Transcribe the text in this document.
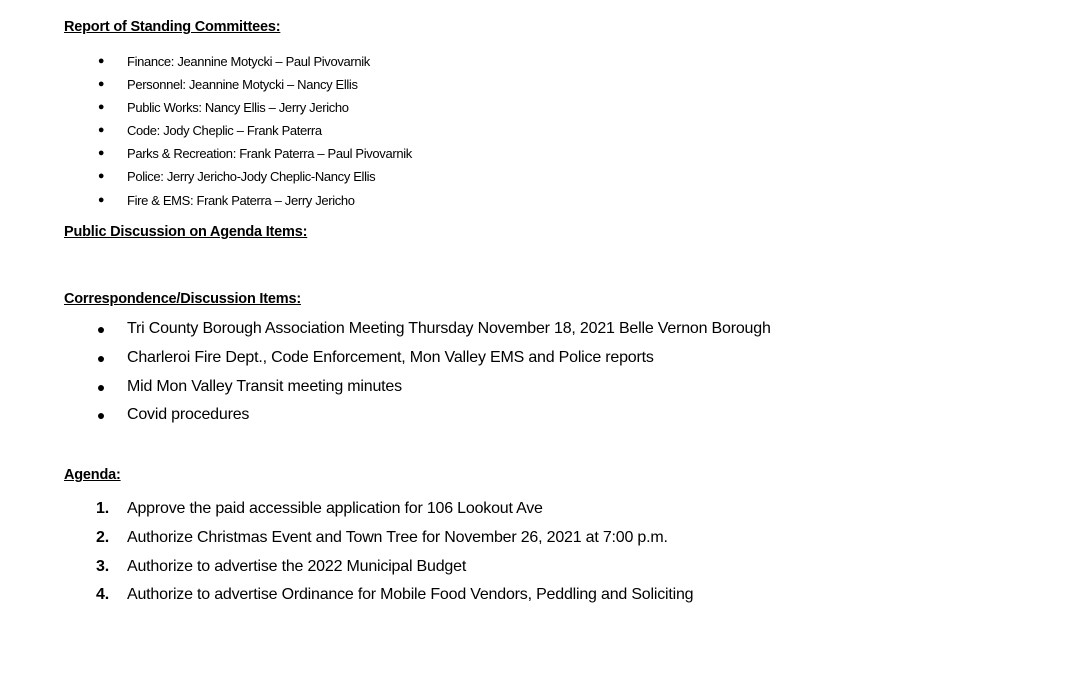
Report of Standing Committees:
● Finance: Jeannine Motycki – Paul Pivovarnik
● Personnel: Jeannine Motycki – Nancy Ellis
● Public Works: Nancy Ellis – Jerry Jericho
● Code: Jody Cheplic – Frank Paterra
● Parks & Recreation: Frank Paterra – Paul Pivovarnik
● Police: Jerry Jericho-Jody Cheplic-Nancy Ellis
● Fire & EMS: Frank Paterra – Jerry Jericho
Public Discussion on Agenda Items:
Correspondence/Discussion Items:
● Tri County Borough Association Meeting Thursday November 18, 2021 Belle Vernon Borough
● Charleroi Fire Dept., Code Enforcement, Mon Valley EMS and Police reports
● Mid Mon Valley Transit meeting minutes
● Covid procedures
Agenda:
1. Approve the paid accessible application for 106 Lookout Ave
2. Authorize Christmas Event and Town Tree for November 26, 2021 at 7:00 p.m.
3. Authorize to advertise the 2022 Municipal Budget
4. Authorize to advertise Ordinance for Mobile Food Vendors, Peddling and Soliciting
